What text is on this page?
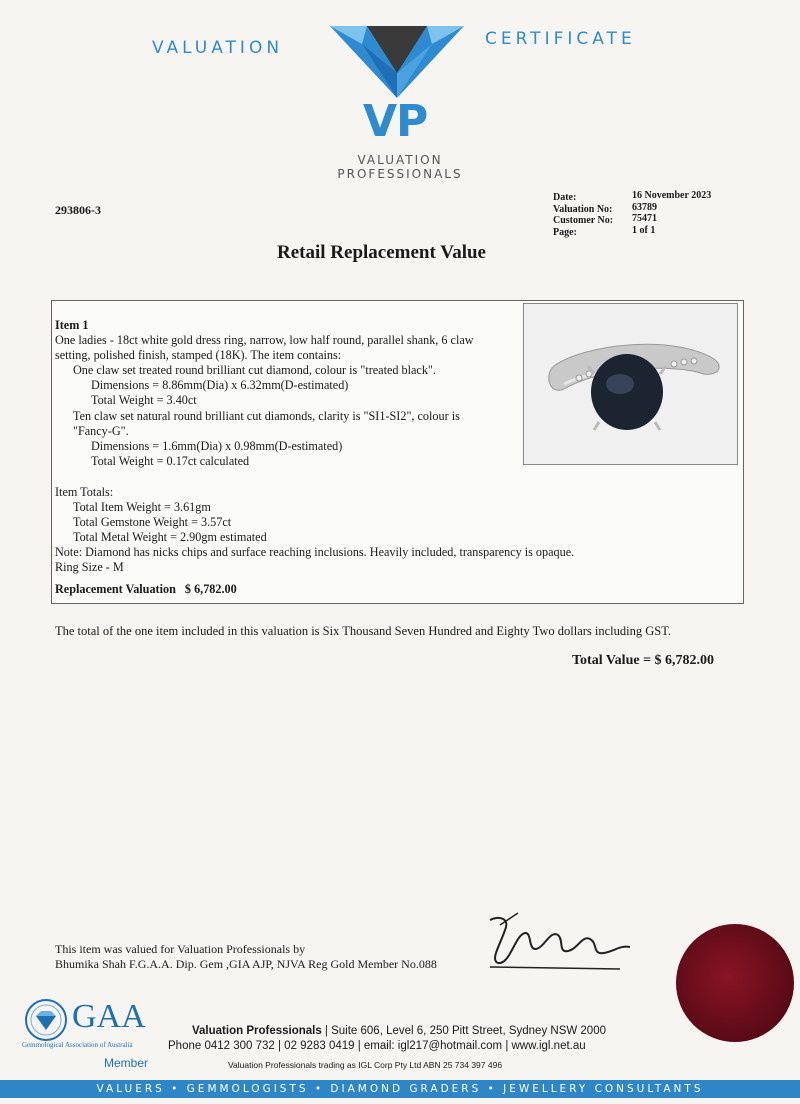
VALUATION	CERTIFICATE
VP
VALUATION
PROFESSIONALS
293806-3
Date:
Valuation No:
Customer No:
Page:
16 November 2023
63789
75471
1 of 1
Retail Replacement Value
Item 1
One ladies - 18ct white gold dress ring, narrow, low half round, parallel shank, 6 claw
setting, polished finish, stamped (18K). The item contains:
One claw set treated round brilliant cut diamond, colour is "treated black".
Dimensions = 8.86mm(Dia) x 6.32mm(D-estimated)
Total Weight = 3.40ct
Ten claw set natural round brilliant cut diamonds, clarity is "SI1-SI2", colour is
"Fancy-G".
Dimensions = 1.6mm(Dia) x 0.98mm(D-estimated)
Total Weight = 0.17ct calculated
Item Totals:
Total Item Weight = 3.61gm
Total Gemstone Weight = 3.57ct
Total Metal Weight = 2.90gm estimated
Note: Diamond has nicks chips and surface reaching inclusions. Heavily included, transparency is opaque.
Ring Size - M
Replacement Valuation $ 6,782.00
The total of the one item included in this valuation is Six Thousand Seven Hundred and Eighty Two dollars including GST.
Total Value = $ 6,782.00
This item was valued for Valuation Professionals by
Bhumika Shah F.G.A.A. Dip. Gem ,GIA AJP, NJVA Reg Gold Member No.088
GAA
Gemmological Association of Australia
Member
Valuation Professionals | Suite 606, Level 6, 250 Pitt Street, Sydney NSW 2000
Phone 0412 300 732 | 02 9283 0419 | email: igl217@hotmail.com | www.igl.net.au
Valuation Professionals trading as IGL Corp Pty Ltd ABN 25 734 397 496
VALUERS • GEMMOLOGISTS • DIAMOND GRADERS • JEWELLERY CONSULTANTS
